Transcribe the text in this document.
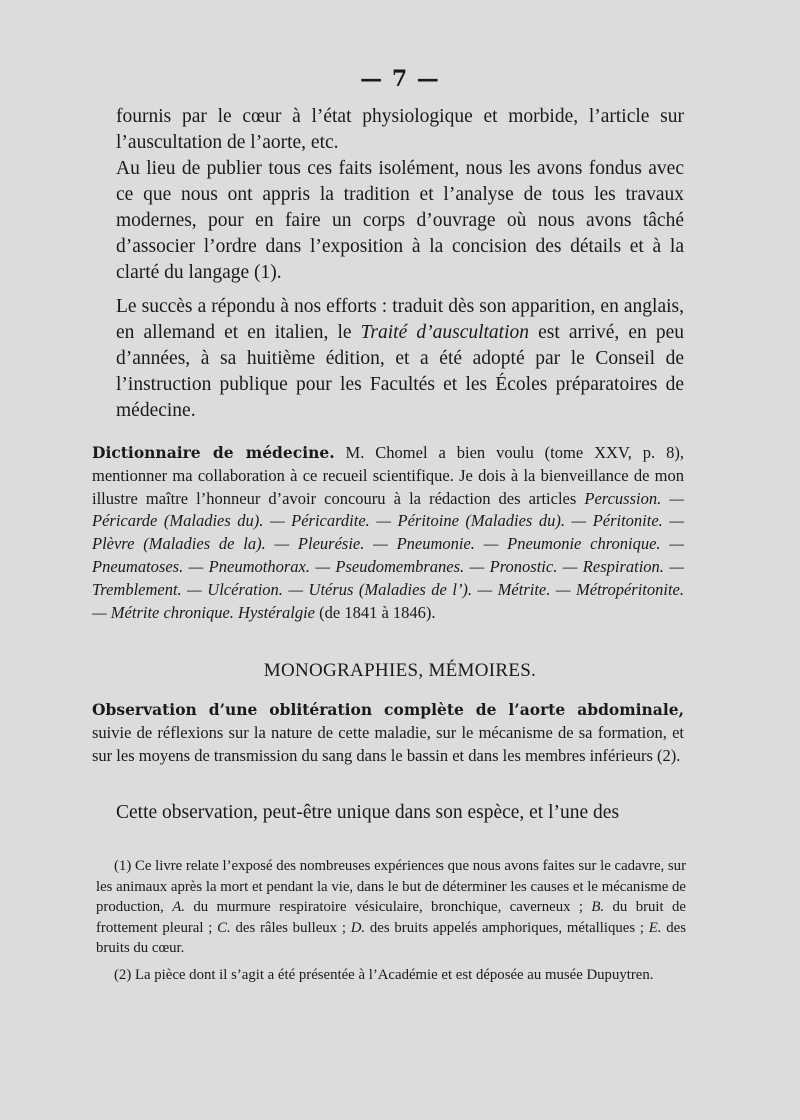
— 7 —

fournis par le cœur à l’état physiologique et morbide, l’article sur l’auscultation de l’aorte, etc.

Au lieu de publier tous ces faits isolément, nous les avons fondus avec ce que nous ont appris la tradition et l’analyse de tous les travaux modernes, pour en faire un corps d’ouvrage où nous avons tâché d’associer l’ordre dans l’exposition à la concision des détails et à la clarté du langage (1).

Le succès a répondu à nos efforts : traduit dès son apparition, en anglais, en allemand et en italien, le Traité d’auscultation est arrivé, en peu d’années, à sa huitième édition, et a été adopté par le Conseil de l’instruction publique pour les Facultés et les Écoles préparatoires de médecine.

Dictionnaire de médecine. M. Chomel a bien voulu (tome XXV, p. 8), mentionner ma collaboration à ce recueil scientifique. Je dois à la bienveillance de mon illustre maître l’honneur d’avoir concouru à la rédaction des articles Percussion. — Péricarde (Maladies du). — Péricardite. — Péritoine (Maladies du). — Péritonite. — Plèvre (Maladies de la). — Pleurésie. — Pneumonie. — Pneumonie chronique. — Pneumatoses. — Pneumothorax. — Pseudomembranes. — Pronostic. — Respiration. — Tremblement. — Ulcération. — Utérus (Maladies de l’). — Métrite. — Métropéritonite. — Métrite chronique. Hystéralgie (de 1841 à 1846).
MONOGRAPHIES, MÉMOIRES.
Observation d’une oblitération complète de l’aorte abdominale, suivie de réflexions sur la nature de cette maladie, sur le mécanisme de sa formation, et sur les moyens de transmission du sang dans le bassin et dans les membres inférieurs (2).

Cette observation, peut-être unique dans son espèce, et l’une des

(1) Ce livre relate l’exposé des nombreuses expériences que nous avons faites sur le cadavre, sur les animaux après la mort et pendant la vie, dans le but de déterminer les causes et le mécanisme de production, A. du murmure respiratoire vésiculaire, bronchique, caverneux ; B. du bruit de frottement pleural ; C. des râles bulleux ; D. des bruits appelés amphoriques, métalliques ; E. des bruits du cœur.

(2) La pièce dont il s’agit a été présentée à l’Académie et est déposée au musée Dupuytren.
